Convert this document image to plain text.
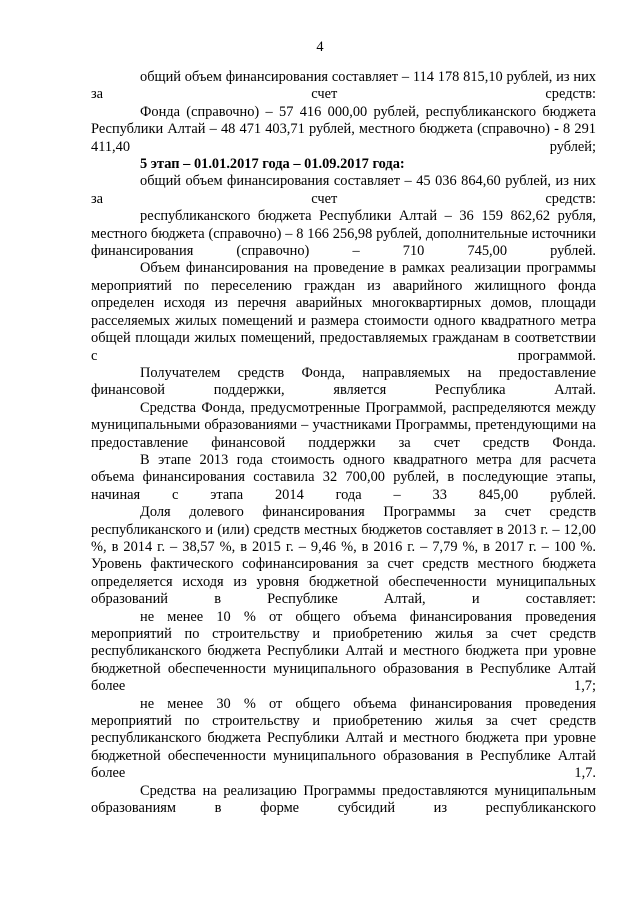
4

общий объем финансирования составляет – 114 178 815,10 рублей, из них за счет средств:

Фонда (справочно) – 57 416 000,00 рублей, республиканского бюджета Республики Алтай – 48 471 403,71 рублей, местного бюджета (справочно) - 8 291 411,40 рублей;

5 этап – 01.01.2017 года – 01.09.2017 года:

общий объем финансирования составляет – 45 036 864,60 рублей, из них за счет средств:

республиканского бюджета Республики Алтай – 36 159 862,62 рубля, местного бюджета (справочно) – 8 166 256,98 рублей, дополнительные источники финансирования (справочно) – 710 745,00 рублей.

Объем финансирования на проведение в рамках реализации программы мероприятий по переселению граждан из аварийного жилищного фонда определен исходя из перечня аварийных многоквартирных домов, площади расселяемых жилых помещений и размера стоимости одного квадратного метра общей площади жилых помещений, предоставляемых гражданам в соответствии с программой.

Получателем средств Фонда, направляемых на предоставление финансовой поддержки, является Республика Алтай.

Средства Фонда, предусмотренные Программой, распределяются между муниципальными образованиями – участниками Программы, претендующими на предоставление финансовой поддержки за счет средств Фонда.

В этапе 2013 года стоимость одного квадратного метра для расчета объема финансирования составила 32 700,00 рублей, в последующие этапы, начиная с этапа 2014 года – 33 845,00 рублей.

Доля долевого финансирования Программы за счет средств республиканского и (или) средств местных бюджетов составляет в 2013 г. – 12,00 %, в 2014 г. – 38,57 %, в 2015 г. – 9,46 %, в 2016 г. – 7,79 %, в 2017 г. – 100 %. Уровень фактического софинансирования за счет средств местного бюджета определяется исходя из уровня бюджетной обеспеченности муниципальных образований в Республике Алтай, и составляет:

не менее 10 % от общего объема финансирования проведения мероприятий по строительству и приобретению жилья за счет средств республиканского бюджета Республики Алтай и местного бюджета при уровне бюджетной обеспеченности муниципального образования в Республике Алтай более 1,7;

не менее 30 % от общего объема финансирования проведения мероприятий по строительству и приобретению жилья за счет средств республиканского бюджета Республики Алтай и местного бюджета при уровне бюджетной обеспеченности муниципального образования в Республике Алтай более 1,7.

Средства на реализацию Программы предоставляются муниципальным образованиям в форме субсидий из республиканского
